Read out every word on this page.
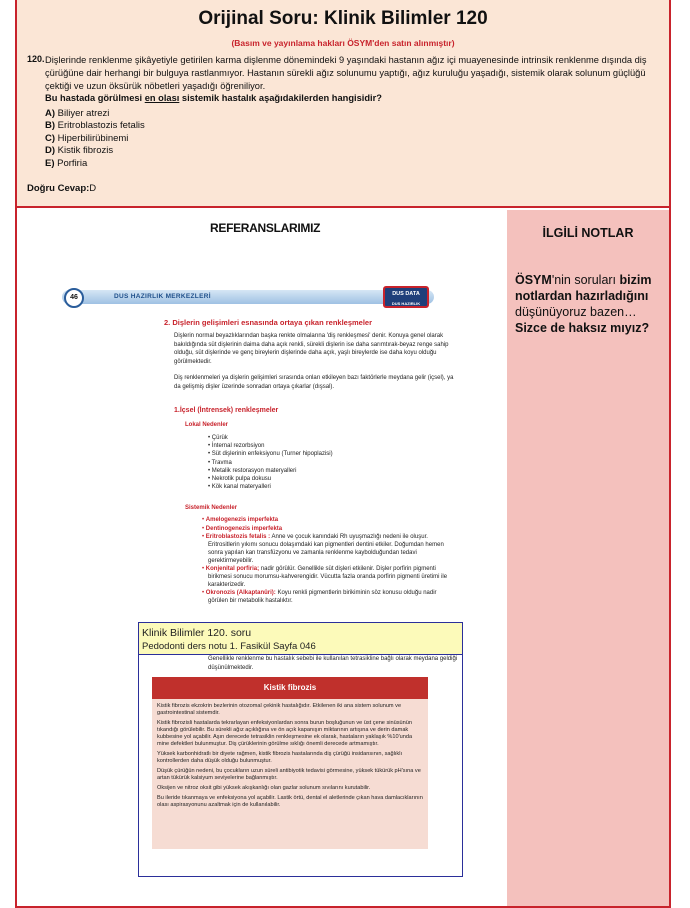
Orijinal Soru: Klinik Bilimler 120
(Basım ve yayınlama hakları ÖSYM'den satın alınmıştır)
120. Dişlerinde renklenme şikâyetiyle getirilen karma dişlenme dönemindeki 9 yaşındaki hastanın ağız içi muayenesinde intrinsik renklenme dışında diş çürüğüne dair herhangi bir bulguya rastlanmıyor. Hastanın sürekli ağız solunumu yaptığı, ağız kuruluğu yaşadığı, sistemik olarak solunum güçlüğü çektiği ve uzun öksürük nöbetleri yaşadığı öğreniliyor.
Bu hastada görülmesi en olası sistemik hastalık aşağıdakilerden hangisidir?
A) Biliyer atrezi
B) Eritroblastozis fetalis
C) Hiperbilirübinemi
D) Kistik fibrozis
E) Porfiria
Doğru Cevap:D
REFERANSLARIMIZ	İLGİLİ NOTLAR
ÖSYM'nin soruları bizim notlardan hazırladığını düşünüyoruz bazen…
Sizce de haksız mıyız?
46	DUS HAZIRLIK MERKEZLERİ	DUS DATA
DUS HAZIRLIK MERKEZLERİ
2. Dişlerin gelişimleri esnasında ortaya çıkan renkleşmeler
Dişlerin normal beyazlıklarından başka renkte olmalarına 'diş renkleşmesi' denir. Konuya genel olarak bakıldığında süt dişlerinin daima daha açık renkli, sürekli dişlerin ise daha sarımtırak-beyaz renge sahip olduğu, süt dişlerinde ve genç bireylerin dişlerinde daha açık, yaşlı bireylerde ise daha koyu olduğu görülmektedir.
Diş renklenmeleri ya dişlerin gelişimleri sırasında onları etkileyen bazı faktörlerle meydana gelir (içsel), ya da gelişmiş dişler üzerinde sonradan ortaya çıkarlar (dışsal).
1.İçsel (İntrensek) renkleşmeler
Lokal Nedenler
• Çürük
• İnternal rezorbsiyon
• Süt dişlerinin enfeksiyonu (Turner hipoplazisi)
• Travma
• Metalik restorasyon materyalleri
• Nekrotik pulpa dokusu
• Kök kanal materyalleri
Sistemik Nedenler
• Amelogenezis imperfekta
• Dentinogenezis imperfekta
• Eritroblastozis fetalis : Anne ve çocuk kanındaki Rh uyuşmazlığı nedeni ile oluşur. Eritrositlerin yıkımı sonucu dolaşımdaki kan pigmentleri dentini etkiler. Doğumdan hemen sonra yapılan kan transfüzyonu ve zamanla renklenme kaybolduğundan tedavi gerektirmeyebilir.
• Konjenital porfiria; nadir görülür. Genellikle süt dişleri etkilenir. Dişler porfirin pigmenti birikmesi sonucu morumsu-kahverengidir. Vücutta fazla oranda porfirin pigmenti üretimi ile karakterizedir.
• Okronozis (Alkaptanüri): Koyu renkli pigmentlerin birikiminin söz konusu olduğu nadir görülen bir metabolik hastalıktır.
Genellikle renklenme bu hastalık sebebi ile kullanılan tetrasikline bağlı olarak meydana geldiği düşünülmektedir.
Kistik fibrozis

Kistik fibrozis ekzokrin bezlerinin otozomal çekinik hastalığıdır. Etkilenen iki ana sistem solunum ve gastrointestinal sistemdir.

Kistik fibrozisli hastalarda tekrarlayan enfeksiyonlardan sonra burun boşluğunun ve üst çene sinüsünün tıkandığı görülebilir. Bu sürekli ağız açıklığına ve ön açık kapanışın miktarının artışına ve derin damak kubbesine yol açabilir. Aşırı derecede tetrasiklin renkleşmesine ek olarak, hastaların yaklaşık %10'unda mine defektleri bulunmuştur. Diş çürüklerinin görülme sıklığı önemli derecede artmamıştır.

Yüksek karbonhidratlı bir diyete rağmen, kistik fibrozis hastalarında diş çürüğü insidansının, sağlıklı kontrollerden daha düşük olduğu bulunmuştur.

Düşük çürüğün nedeni, bu çocukların uzun süreli antibiyotik tedavisi görmesine, yüksek tükürük pH'sına ve artan tükürük kalsiyum seviyelerine bağlanmıştır.

Oksijen ve nitroz oksit gibi yüksek akışkanlığı olan gazlar solunum sıvılarını kurutabilir.

Bu ileride tıkanmaya ve enfeksiyona yol açabilir. Lastik örtü, dental el aletlerinde çıkan hava damlacıklarının olası aspirasyonunu azaltmak için de kullanılabilir.

Klinik Bilimler 120. soru
Pedodonti ders notu 1. Fasikül Sayfa 046
